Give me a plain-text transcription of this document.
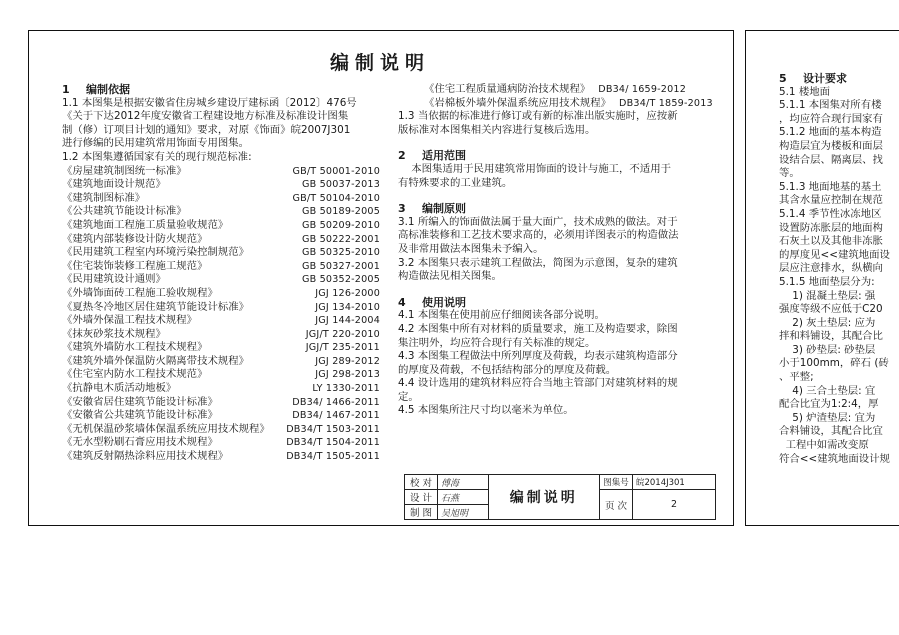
编制说明
1 编制依据
1.1 本图集是根据安徽省住房城乡建设厅建标函〔2012〕476号
《关于下达2012年度安徽省工程建设地方标准及标准设计图集
制（修）订项目计划的通知》要求，对原《饰面》皖2007J301
进行修编的民用建筑常用饰面专用图集。
1.2 本图集遵循国家有关的现行规范标准:
《房屋建筑制图统一标准》	GB/T 50001-2010
《建筑地面设计规范》	GB 50037-2013
《建筑制图标准》	GB/T 50104-2010
《公共建筑节能设计标准》	GB 50189-2005
《建筑地面工程施工质量验收规范》	GB 50209-2010
《建筑内部装修设计防火规范》	GB 50222-2001
《民用建筑工程室内环境污染控制规范》	GB 50325-2010
《住宅装饰装修工程施工规范》	GB 50327-2001
《民用建筑设计通则》	GB 50352-2005
《外墙饰面砖工程施工验收规程》	JGJ 126-2000
《夏热冬冷地区居住建筑节能设计标准》	JGJ 134-2010
《外墙外保温工程技术规程》	JGJ 144-2004
《抹灰砂浆技术规程》	JGJ/T 220-2010
《建筑外墙防水工程技术规程》	JGJ/T 235-2011
《建筑外墙外保温防火隔离带技术规程》	JGJ 289-2012
《住宅室内防水工程技术规范》	JGJ 298-2013
《抗静电木质活动地板》	LY 1330-2011
《安徽省居住建筑节能设计标准》	DB34/ 1466-2011
《安徽省公共建筑节能设计标准》	DB34/ 1467-2011
《无机保温砂浆墙体保温系统应用技术规程》 DB34/T 1503-2011
《无水型粉刷石膏应用技术规程》	DB34/T 1504-2011
《建筑反射隔热涂料应用技术规程》	DB34/T 1505-2011
《住宅工程质量通病防治技术规程》 DB34/ 1659-2012
《岩棉板外墙外保温系统应用技术规程》 DB34/T 1859-2013
1.3 当依据的标准进行修订或有新的标准出版实施时，应按新
版标准对本图集相关内容进行复核后选用。
2 适用范围
本图集适用于民用建筑常用饰面的设计与施工，不适用于
有特殊要求的工业建筑。
3 编制原则
3.1 所编入的饰面做法属于量大面广，技术成熟的做法。对于
高标准装修和工艺技术要求高的，必须用详图表示的构造做法
及非常用做法本图集未予编入。
3.2 本图集只表示建筑工程做法，简图为示意图，复杂的建筑
构造做法见相关图集。
4 使用说明
4.1 本图集在使用前应仔细阅读各部分说明。
4.2 本图集中所有对材料的质量要求，施工及构造要求，除图
集注明外，均应符合现行有关标准的规定。
4.3 本图集工程做法中所列厚度及荷载，均表示建筑构造部分
的厚度及荷载，不包括结构部分的厚度及荷载。
4.4 设计选用的建筑材料应符合当地主管部门对建筑材料的规
定。
4.5 本图集所注尺寸均以毫米为单位。
校 对	傅海	编制说明	图集号	皖2014J301
设 计	石燕		页 次	2
制 图	吴旭明			
5 设计要求
5.1 楼地面
5.1.1 本图集对所有楼
，均应符合现行国家有
5.1.2 地面的基本构造
构造层宜为楼板和面层
设结合层、隔离层、找
等。
5.1.3 地面地基的基土
其含水量应控制在规范
5.1.4 季节性冰冻地区
设置防冻胀层的地面构
石灰土以及其他非冻胀
的厚度见<<建筑地面设
层应注意排水，纵横向
5.1.5 地面垫层分为:
1) 混凝土垫层: 强
强度等级不应低于C20
2) 灰土垫层: 应为
拌和料铺设，其配合比
3) 砂垫层: 砂垫层
小于100mm，碎石 (砖
、平整;
4) 三合土垫层: 宜
配合比宜为1:2:4，厚
5) 炉渣垫层: 宜为
合料铺设，其配合比宜
工程中如需改变原
符合<<建筑地面设计规
